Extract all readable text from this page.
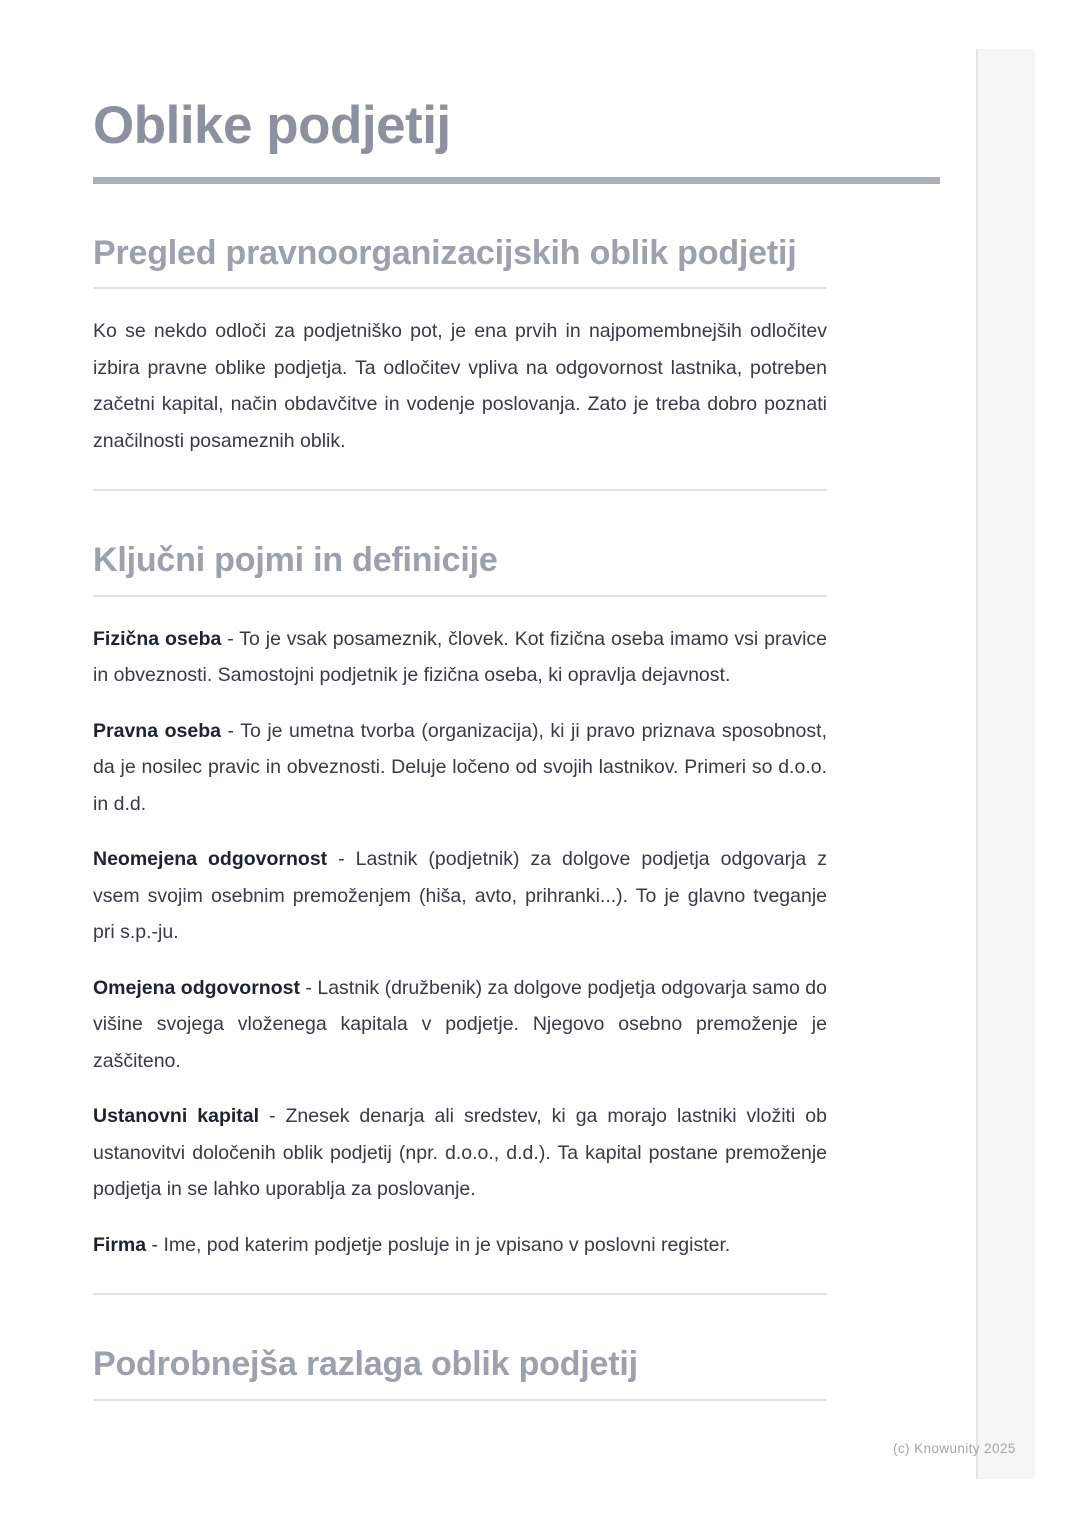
Oblike podjetij
Pregled pravnoorganizacijskih oblik podjetij

Ko se nekdo odloči za podjetniško pot, je ena prvih in najpomembnejših odločitev izbira pravne oblike podjetja. Ta odločitev vpliva na odgovornost lastnika, potreben začetni kapital, način obdavčitve in vodenje poslovanja. Zato je treba dobro poznati značilnosti posameznih oblik.

Ključni pojmi in definicije

Fizična oseba - To je vsak posameznik, človek. Kot fizična oseba imamo vsi pravice in obveznosti. Samostojni podjetnik je fizična oseba, ki opravlja dejavnost.

Pravna oseba - To je umetna tvorba (organizacija), ki ji pravo priznava sposobnost, da je nosilec pravic in obveznosti. Deluje ločeno od svojih lastnikov. Primeri so d.o.o. in d.d.

Neomejena odgovornost - Lastnik (podjetnik) za dolgove podjetja odgovarja z vsem svojim osebnim premoženjem (hiša, avto, prihranki...). To je glavno tveganje pri s.p.-ju.

Omejena odgovornost - Lastnik (družbenik) za dolgove podjetja odgovarja samo do višine svojega vloženega kapitala v podjetje. Njegovo osebno premoženje je zaščiteno.

Ustanovni kapital - Znesek denarja ali sredstev, ki ga morajo lastniki vložiti ob ustanovitvi določenih oblik podjetij (npr. d.o.o., d.d.). Ta kapital postane premoženje podjetja in se lahko uporablja za poslovanje.

Firma - Ime, pod katerim podjetje posluje in je vpisano v poslovni register.

Podrobnejša razlaga oblik podjetij
(c) Knowunity 2025
